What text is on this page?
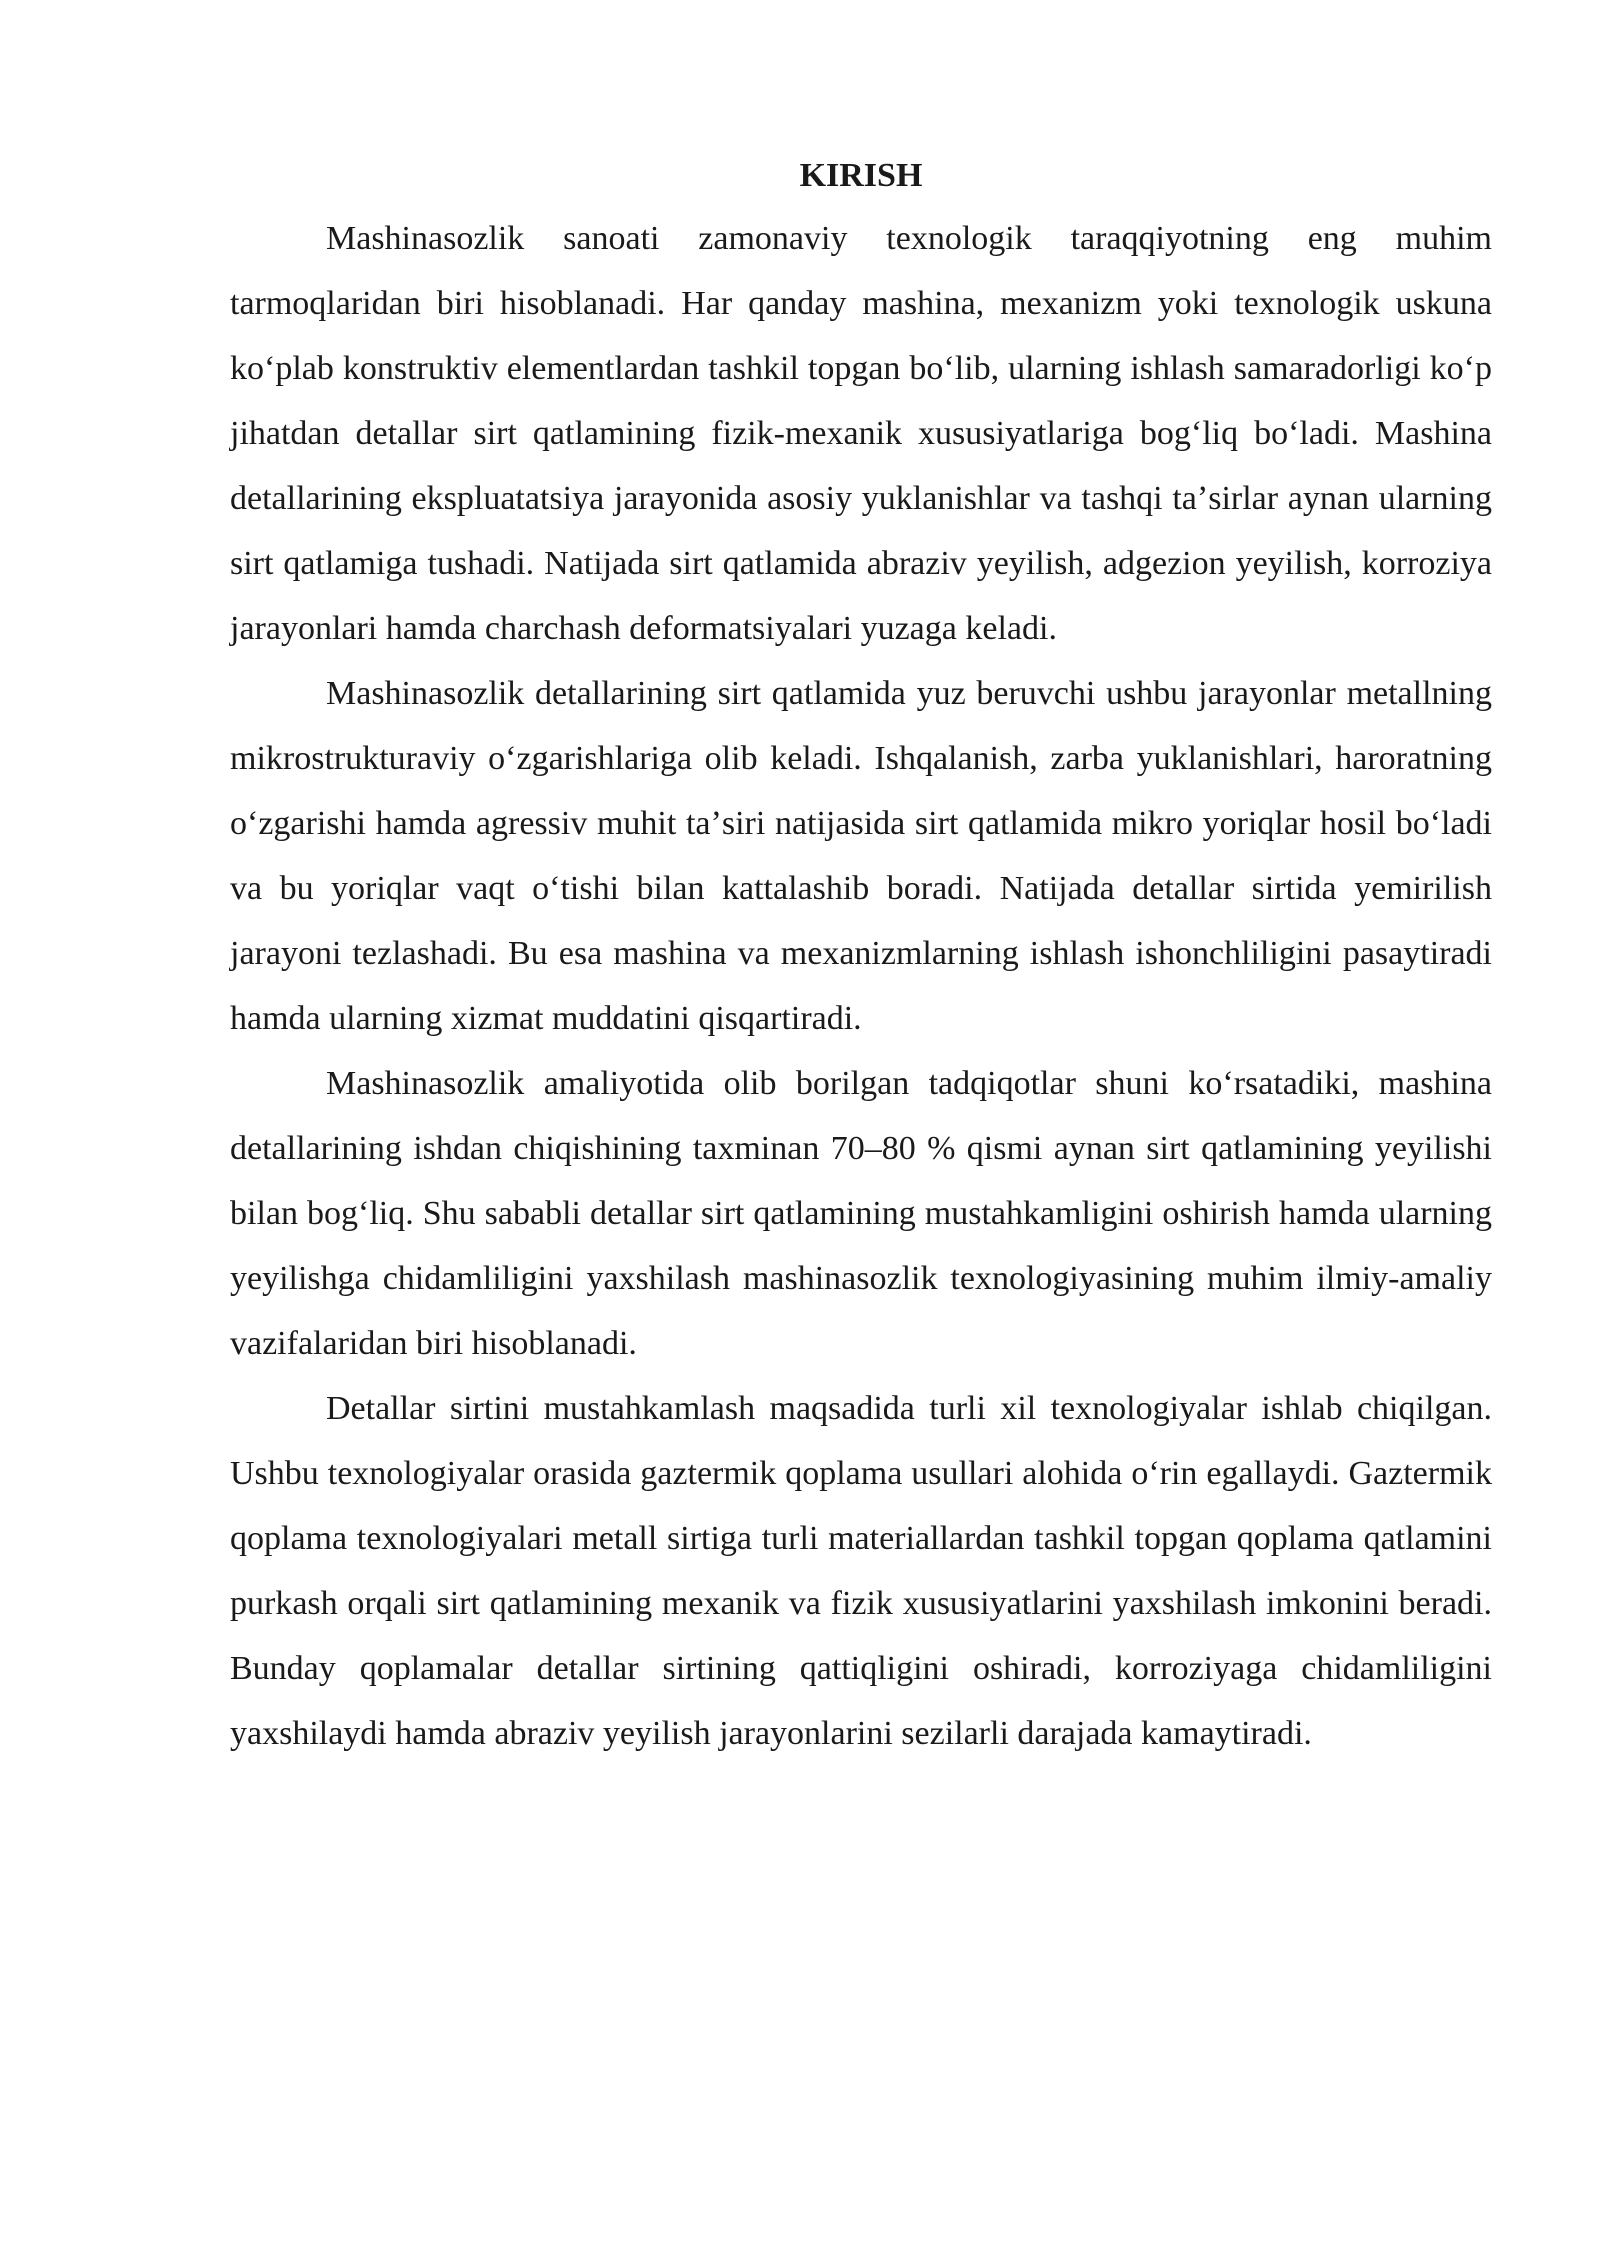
KIRISH

Mashinasozlik sanoati zamonaviy texnologik taraqqiyotning eng muhim tarmoqlaridan biri hisoblanadi. Har qanday mashina, mexanizm yoki texnologik uskuna koʻplab konstruktiv elementlardan tashkil topgan boʻlib, ularning ishlash samaradorligi koʻp jihatdan detallar sirt qatlamining fizik-mexanik xususiyatlariga bogʻliq boʻladi. Mashina detallarining ekspluatatsiya jarayonida asosiy yuklanishlar va tashqi taʼsirlar aynan ularning sirt qatlamiga tushadi. Natijada sirt qatlamida abraziv yeyilish, adgezion yeyilish, korroziya jarayonlari hamda charchash deformatsiyalari yuzaga keladi.

Mashinasozlik detallarining sirt qatlamida yuz beruvchi ushbu jarayonlar metallning mikrostrukturaviy oʻzgarishlariga olib keladi. Ishqalanish, zarba yuklanishlari, haroratning oʻzgarishi hamda agressiv muhit taʼsiri natijasida sirt qatlamida mikro yoriqlar hosil boʻladi va bu yoriqlar vaqt oʻtishi bilan kattalashib boradi. Natijada detallar sirtida yemirilish jarayoni tezlashadi. Bu esa mashina va mexanizmlarning ishlash ishonchliligini pasaytiradi hamda ularning xizmat muddatini qisqartiradi.

Mashinasozlik amaliyotida olib borilgan tadqiqotlar shuni koʻrsatadiki, mashina detallarining ishdan chiqishining taxminan 70–80 % qismi aynan sirt qatlamining yeyilishi bilan bogʻliq. Shu sababli detallar sirt qatlamining mustahkamligini oshirish hamda ularning yeyilishga chidamliligini yaxshilash mashinasozlik texnologiyasining muhim ilmiy-amaliy vazifalaridan biri hisoblanadi.

Detallar sirtini mustahkamlash maqsadida turli xil texnologiyalar ishlab chiqilgan. Ushbu texnologiyalar orasida gaztermik qoplama usullari alohida oʻrin egallaydi. Gaztermik qoplama texnologiyalari metall sirtiga turli materiallardan tashkil topgan qoplama qatlamini purkash orqali sirt qatlamining mexanik va fizik xususiyatlarini yaxshilash imkonini beradi. Bunday qoplamalar detallar sirtining qattiqligini oshiradi, korroziyaga chidamliligini yaxshilaydi hamda abraziv yeyilish jarayonlarini sezilarli darajada kamaytiradi.
